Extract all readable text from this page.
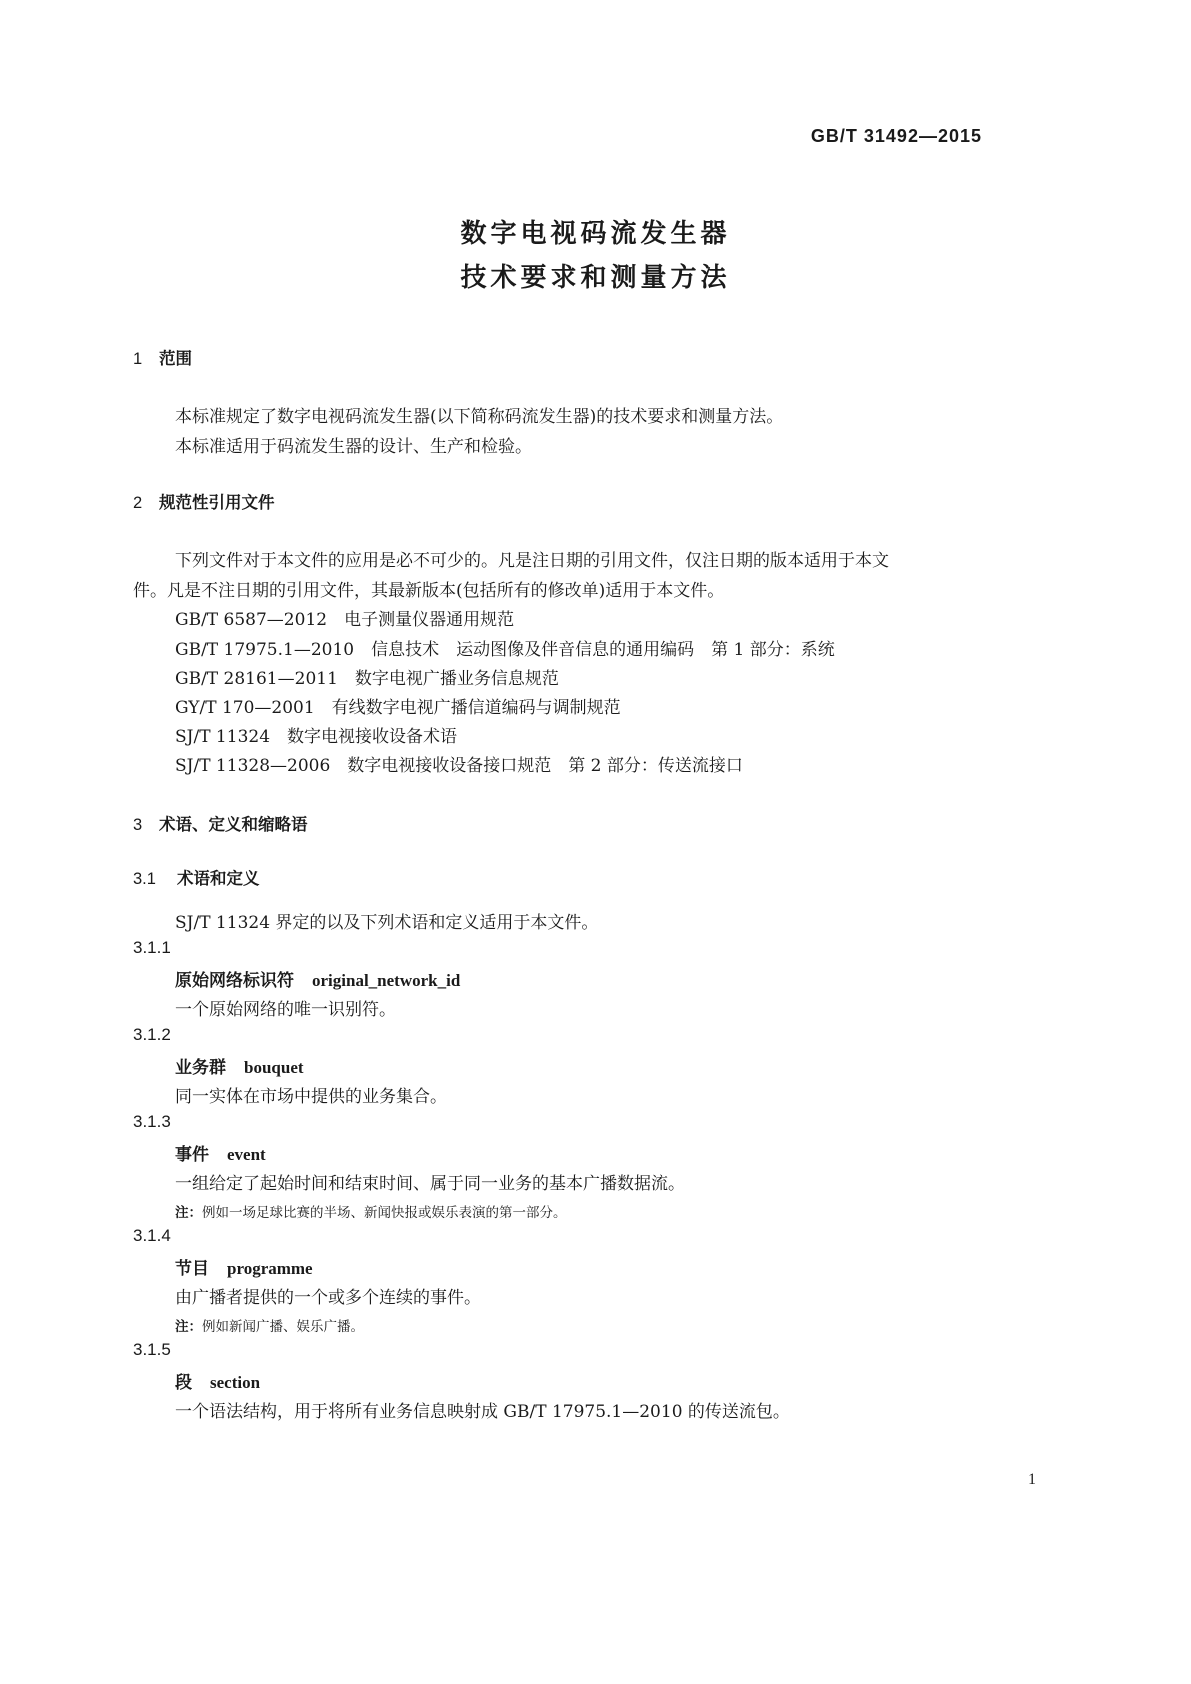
GB/T 31492—2015
数字电视码流发生器
技术要求和测量方法
1 范围
本标准规定了数字电视码流发生器(以下简称码流发生器)的技术要求和测量方法。
本标准适用于码流发生器的设计、生产和检验。
2 规范性引用文件
下列文件对于本文件的应用是必不可少的。凡是注日期的引用文件，仅注日期的版本适用于本文
件。凡是不注日期的引用文件，其最新版本(包括所有的修改单)适用于本文件。
GB/T 6587—2012　电子测量仪器通用规范
GB/T 17975.1—2010　信息技术　运动图像及伴音信息的通用编码　第 1 部分：系统
GB/T 28161—2011　数字电视广播业务信息规范
GY/T 170—2001　有线数字电视广播信道编码与调制规范
SJ/T 11324　数字电视接收设备术语
SJ/T 11328—2006　数字电视接收设备接口规范　第 2 部分：传送流接口
3 术语、定义和缩略语
3.1 术语和定义
SJ/T 11324 界定的以及下列术语和定义适用于本文件。
3.1.1
原始网络标识符 original_network_id
一个原始网络的唯一识别符。
3.1.2
业务群 bouquet
同一实体在市场中提供的业务集合。
3.1.3
事件 event
一组给定了起始时间和结束时间、属于同一业务的基本广播数据流。
注：例如一场足球比赛的半场、新闻快报或娱乐表演的第一部分。
3.1.4
节目 programme
由广播者提供的一个或多个连续的事件。
注：例如新闻广播、娱乐广播。
3.1.5
段 section
一个语法结构，用于将所有业务信息映射成 GB/T 17975.1—2010 的传送流包。
1
